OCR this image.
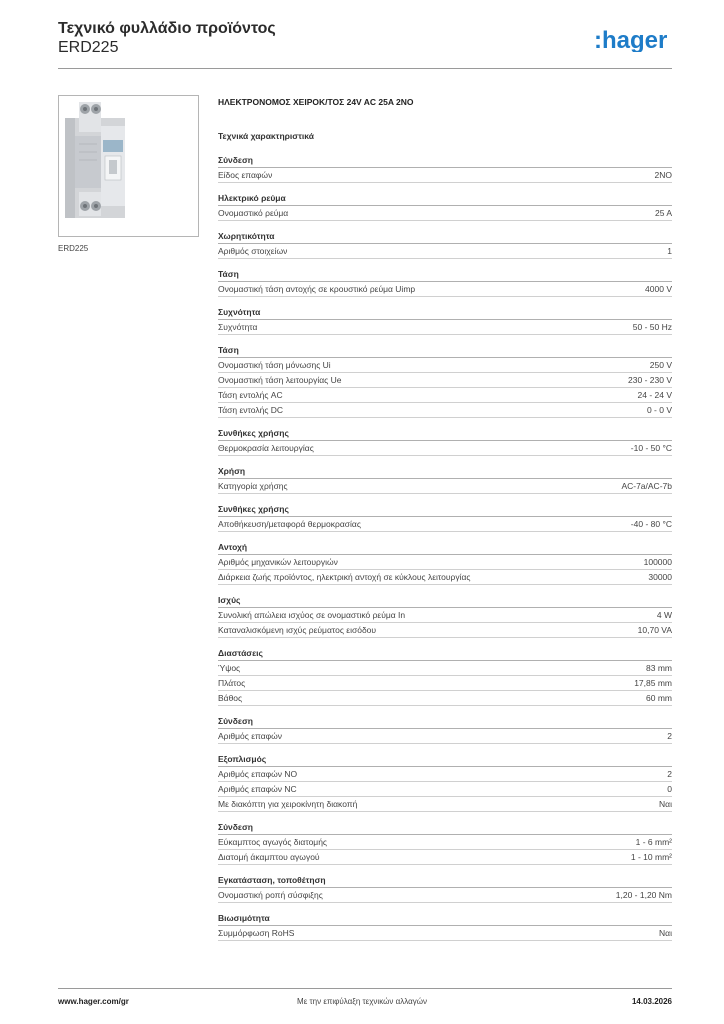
Τεχνικό φυλλάδιο προϊόντος
ERD225	:hager
ERD225
ΗΛΕΚΤΡΟΝΟΜΟΣ ΧΕΙΡΟΚ/ΤΟΣ 24V AC 25A 2NO
Τεχνικά χαρακτηριστικά
Σύνδεση
Είδος επαφών	2NO
Ηλεκτρικό ρεύμα
Ονομαστικό ρεύμα	25 A
Χωρητικότητα
Αριθμός στοιχείων	1
Τάση
Ονομαστική τάση αντοχής σε κρουστικό ρεύμα Uimp	4000 V
Συχνότητα
Συχνότητα	50 - 50 Hz
Τάση
Ονομαστική τάση μόνωσης Ui	250 V
Ονομαστική τάση λειτουργίας Ue	230 - 230 V
Τάση εντολής AC	24 - 24 V
Τάση εντολής DC	0 - 0 V
Συνθήκες χρήσης
Θερμοκρασία λειτουργίας	-10 - 50 °C
Χρήση
Κατηγορία χρήσης	AC-7a/AC-7b
Συνθήκες χρήσης
Αποθήκευση/μεταφορά θερμοκρασίας	-40 - 80 °C
Αντοχή
Αριθμός μηχανικών λειτουργιών	100000
Διάρκεια ζωής προϊόντος, ηλεκτρική αντοχή σε κύκλους λειτουργίας	30000
Ισχύς
Συνολική απώλεια ισχύος σε ονομαστικό ρεύμα In	4 W
Καταναλισκόμενη ισχύς ρεύματος εισόδου	10,70 VA
Διαστάσεις
Ύψος	83 mm
Πλάτος	17,85 mm
Βάθος	60 mm
Σύνδεση
Αριθμός επαφών	2
Εξοπλισμός
Αριθμός επαφών NO	2
Αριθμός επαφών NC	0
Με διακόπτη για χειροκίνητη διακοπή	Ναι
Σύνδεση
Εύκαμπτος αγωγός διατομής	1 - 6 mm²
Διατομή άκαμπτου αγωγού	1 - 10 mm²
Εγκατάσταση, τοποθέτηση
Ονομαστική ροπή σύσφιξης	1,20 - 1,20 Nm
Βιωσιμότητα
Συμμόρφωση RoHS	Ναι
www.hager.com/gr	Με την επιφύλαξη τεχνικών αλλαγών	14.03.2026
